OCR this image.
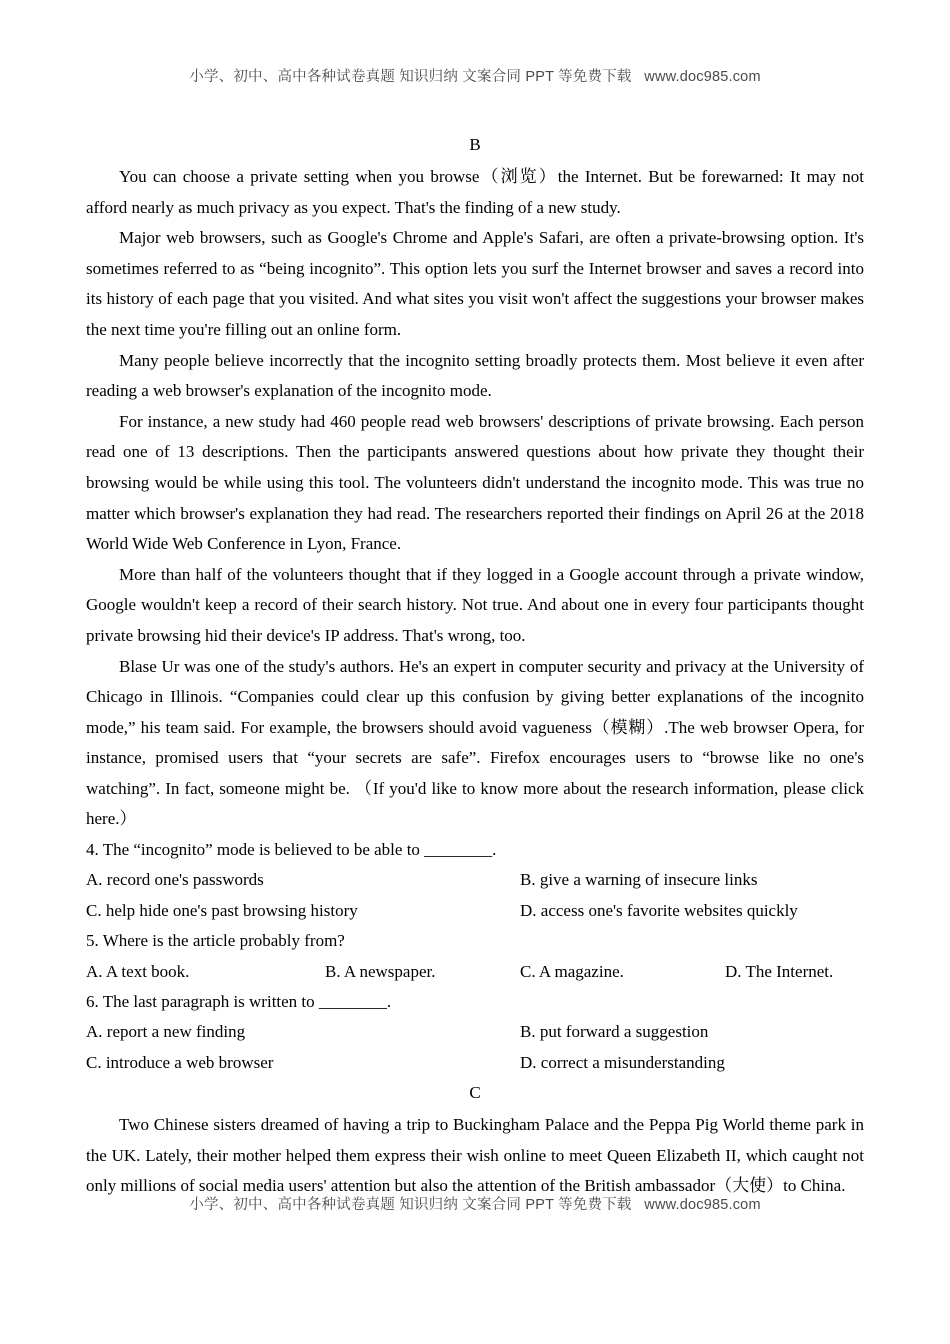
小学、初中、高中各种试卷真题 知识归纳 文案合同 PPT 等免费下载   www.doc985.com
B

You can choose a private setting when you browse（浏览）the Internet. But be forewarned: It may not afford nearly as much privacy as you expect. That's the finding of a new study.

Major web browsers, such as Google's Chrome and Apple's Safari, are often a private-browsing option. It's sometimes referred to as “being incognito”. This option lets you surf the Internet browser and saves a record into its history of each page that you visited. And what sites you visit won't affect the suggestions your browser makes the next time you're filling out an online form.

Many people believe incorrectly that the incognito setting broadly protects them. Most believe it even after reading a web browser's explanation of the incognito mode.

For instance, a new study had 460 people read web browsers' descriptions of private browsing. Each person read one of 13 descriptions. Then the participants answered questions about how private they thought their browsing would be while using this tool. The volunteers didn't understand the incognito mode. This was true no matter which browser's explanation they had read. The researchers reported their findings on April 26 at the 2018 World Wide Web Conference in Lyon, France.

More than half of the volunteers thought that if they logged in a Google account through a private window, Google wouldn't keep a record of their search history. Not true. And about one in every four participants thought private browsing hid their device's IP address. That's wrong, too.

Blase Ur was one of the study's authors. He's an expert in computer security and privacy at the University of Chicago in Illinois. “Companies could clear up this confusion by giving better explanations of the incognito mode,” his team said. For example, the browsers should avoid vagueness（模糊）.The web browser Opera, for instance, promised users that “your secrets are safe”. Firefox encourages users to “browse like no one's watching”. In fact, someone might be. （If you'd like to know more about the research information, please click here.）

4. The “incognito” mode is believed to be able to ________.
A. record one's passwords	B. give a warning of insecure links
C. help hide one's past browsing history	D. access one's favorite websites quickly
5. Where is the article probably from?
A. A text book.	B. A newspaper.	C. A magazine.	D. The Internet.
6. The last paragraph is written to ________.
A. report a new finding	B. put forward a suggestion
C. introduce a web browser	D. correct a misunderstanding
C

Two Chinese sisters dreamed of having a trip to Buckingham Palace and the Peppa Pig World theme park in the UK. Lately, their mother helped them express their wish online to meet Queen Elizabeth II, which caught not only millions of social media users' attention but also the attention of the British ambassador（大使）to China.

小学、初中、高中各种试卷真题 知识归纳 文案合同 PPT 等免费下载   www.doc985.com
